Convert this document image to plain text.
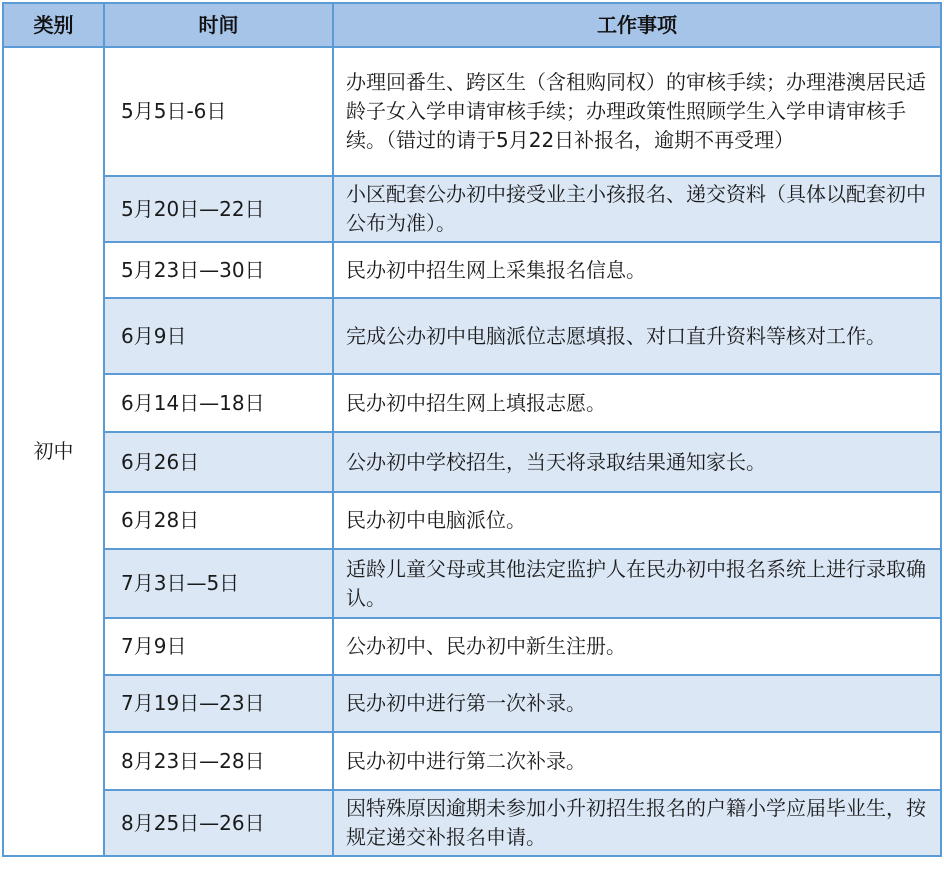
类别	时间	工作事项
初中	5月5日-6日	办理回番生、跨区生（含租购同权）的审核手续；办理港澳居民适龄子女入学申请审核手续；办理政策性照顾学生入学申请审核手续。（错过的请于5月22日补报名，逾期不再受理）
	5月20日—22日	小区配套公办初中接受业主小孩报名、递交资料（具体以配套初中公布为准）。
	5月23日—30日	民办初中招生网上采集报名信息。
	6月9日	完成公办初中电脑派位志愿填报、对口直升资料等核对工作。
	6月14日—18日	民办初中招生网上填报志愿。
	6月26日	公办初中学校招生，当天将录取结果通知家长。
	6月28日	民办初中电脑派位。
	7月3日—5日	适龄儿童父母或其他法定监护人在民办初中报名系统上进行录取确认。
	7月9日	公办初中、民办初中新生注册。
	7月19日—23日	民办初中进行第一次补录。
	8月23日—28日	民办初中进行第二次补录。
	8月25日—26日	因特殊原因逾期未参加小升初招生报名的户籍小学应届毕业生，按规定递交补报名申请。
